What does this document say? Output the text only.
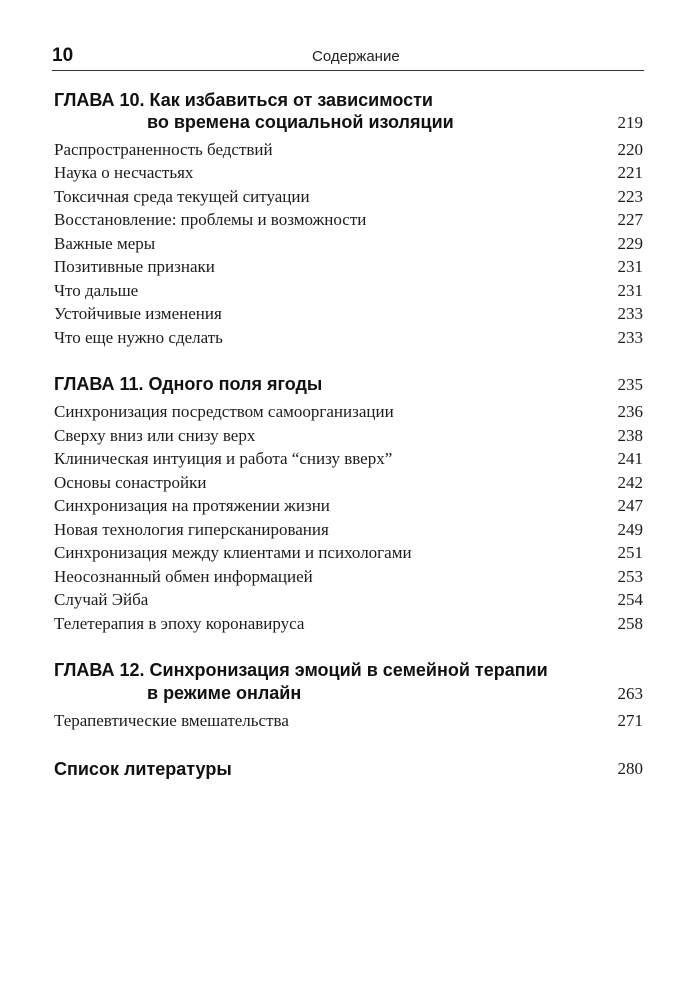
10	Содержание
ГЛАВА 10. Как избавиться от зависимости
во времена социальной изоляции	219
Распространенность бедствий	220
Наука о несчастьях	221
Токсичная среда текущей ситуации	223
Восстановление: проблемы и возможности	227
Важные меры	229
Позитивные признаки	231
Что дальше	231
Устойчивые изменения	233
Что еще нужно сделать	233
ГЛАВА 11. Одного поля ягоды	235
Синхронизация посредством самоорганизации	236
Сверху вниз или снизу верх	238
Клиническая интуиция и работа “снизу вверх”	241
Основы сонастройки	242
Синхронизация на протяжении жизни	247
Новая технология гиперсканирования	249
Синхронизация между клиентами и психологами	251
Неосознанный обмен информацией	253
Случай Эйба	254
Телетерапия в эпоху коронавируса	258
ГЛАВА 12. Синхронизация эмоций в семейной терапии
в режиме онлайн	263
Терапевтические вмешательства	271
Список литературы	280
